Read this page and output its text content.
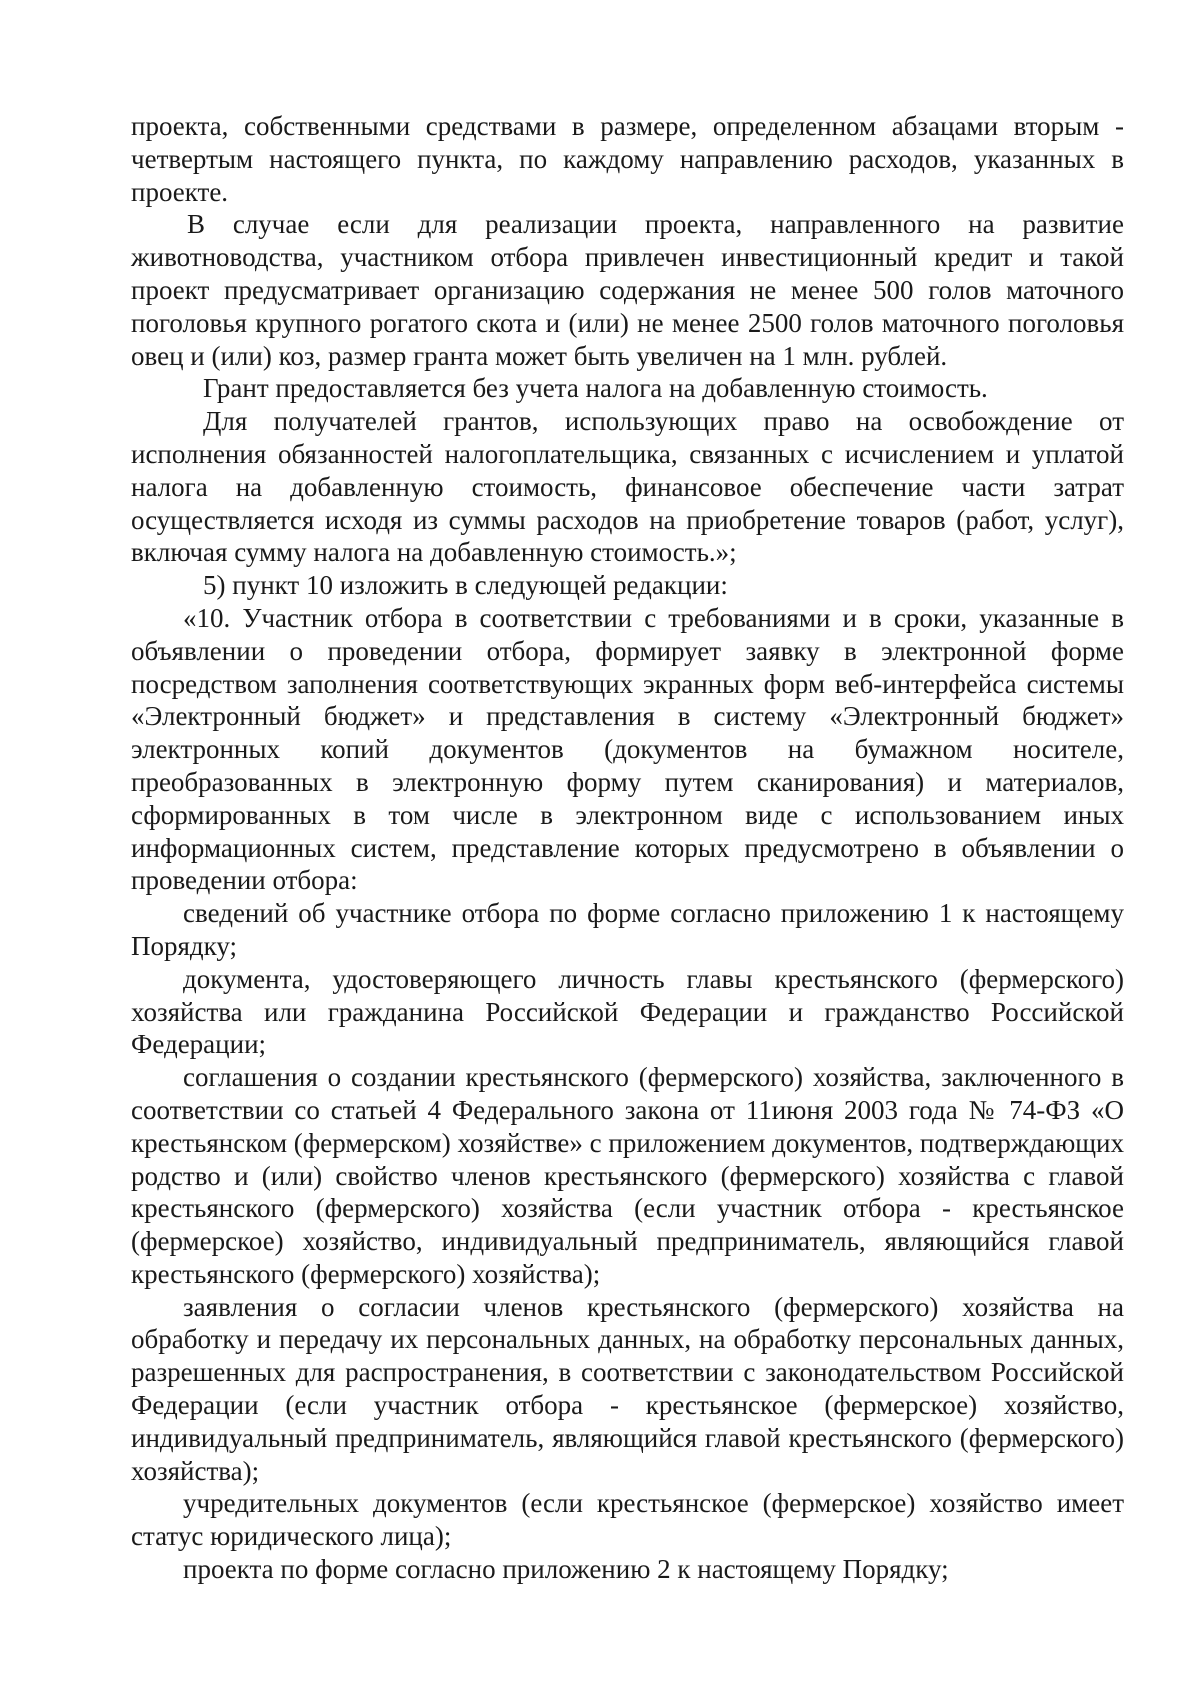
проекта, собственными средствами в размере, определенном абзацами вторым - четвертым настоящего пункта, по каждому направлению расходов, указанных в проекте.

В случае если для реализации проекта, направленного на развитие животноводства, участником отбора привлечен инвестиционный кредит и такой проект предусматривает организацию содержания не менее 500 голов маточного поголовья крупного рогатого скота и (или) не менее 2500 голов маточного поголовья овец и (или) коз, размер гранта может быть увеличен на 1 млн. рублей.

Грант предоставляется без учета налога на добавленную стоимость.

Для получателей грантов, использующих право на освобождение от исполнения обязанностей налогоплательщика, связанных с исчислением и уплатой налога на добавленную стоимость, финансовое обеспечение части затрат осуществляется исходя из суммы расходов на приобретение товаров (работ, услуг), включая сумму налога на добавленную стоимость.»;

5) пункт 10 изложить в следующей редакции:

«10. Участник отбора в соответствии с требованиями и в сроки, указанные в объявлении о проведении отбора, формирует заявку в электронной форме посредством заполнения соответствующих экранных форм веб-интерфейса системы «Электронный бюджет» и представления в систему «Электронный бюджет» электронных копий документов (документов на бумажном носителе, преобразованных в электронную форму путем сканирования) и материалов, сформированных в том числе в электронном виде с использованием иных информационных систем, представление которых предусмотрено в объявлении о проведении отбора:

сведений об участнике отбора по форме согласно приложению 1 к настоящему Порядку;

документа, удостоверяющего личность главы крестьянского (фермерского) хозяйства или гражданина Российской Федерации и гражданство Российской Федерации;

соглашения о создании крестьянского (фермерского) хозяйства, заключенного в соответствии со статьей 4 Федерального закона от 11июня 2003 года № 74-ФЗ «О крестьянском (фермерском) хозяйстве» с приложением документов, подтверждающих родство и (или) свойство членов крестьянского (фермерского) хозяйства с главой крестьянского (фермерского) хозяйства (если участник отбора - крестьянское (фермерское) хозяйство, индивидуальный предприниматель, являющийся главой крестьянского (фермерского) хозяйства);

заявления о согласии членов крестьянского (фермерского) хозяйства на обработку и передачу их персональных данных, на обработку персональных данных, разрешенных для распространения, в соответствии с законодательством Российской Федерации (если участник отбора - крестьянское (фермерское) хозяйство, индивидуальный предприниматель, являющийся главой крестьянского (фермерского) хозяйства);

учредительных документов (если крестьянское (фермерское) хозяйство имеет статус юридического лица);

проекта по форме согласно приложению 2 к настоящему Порядку;
